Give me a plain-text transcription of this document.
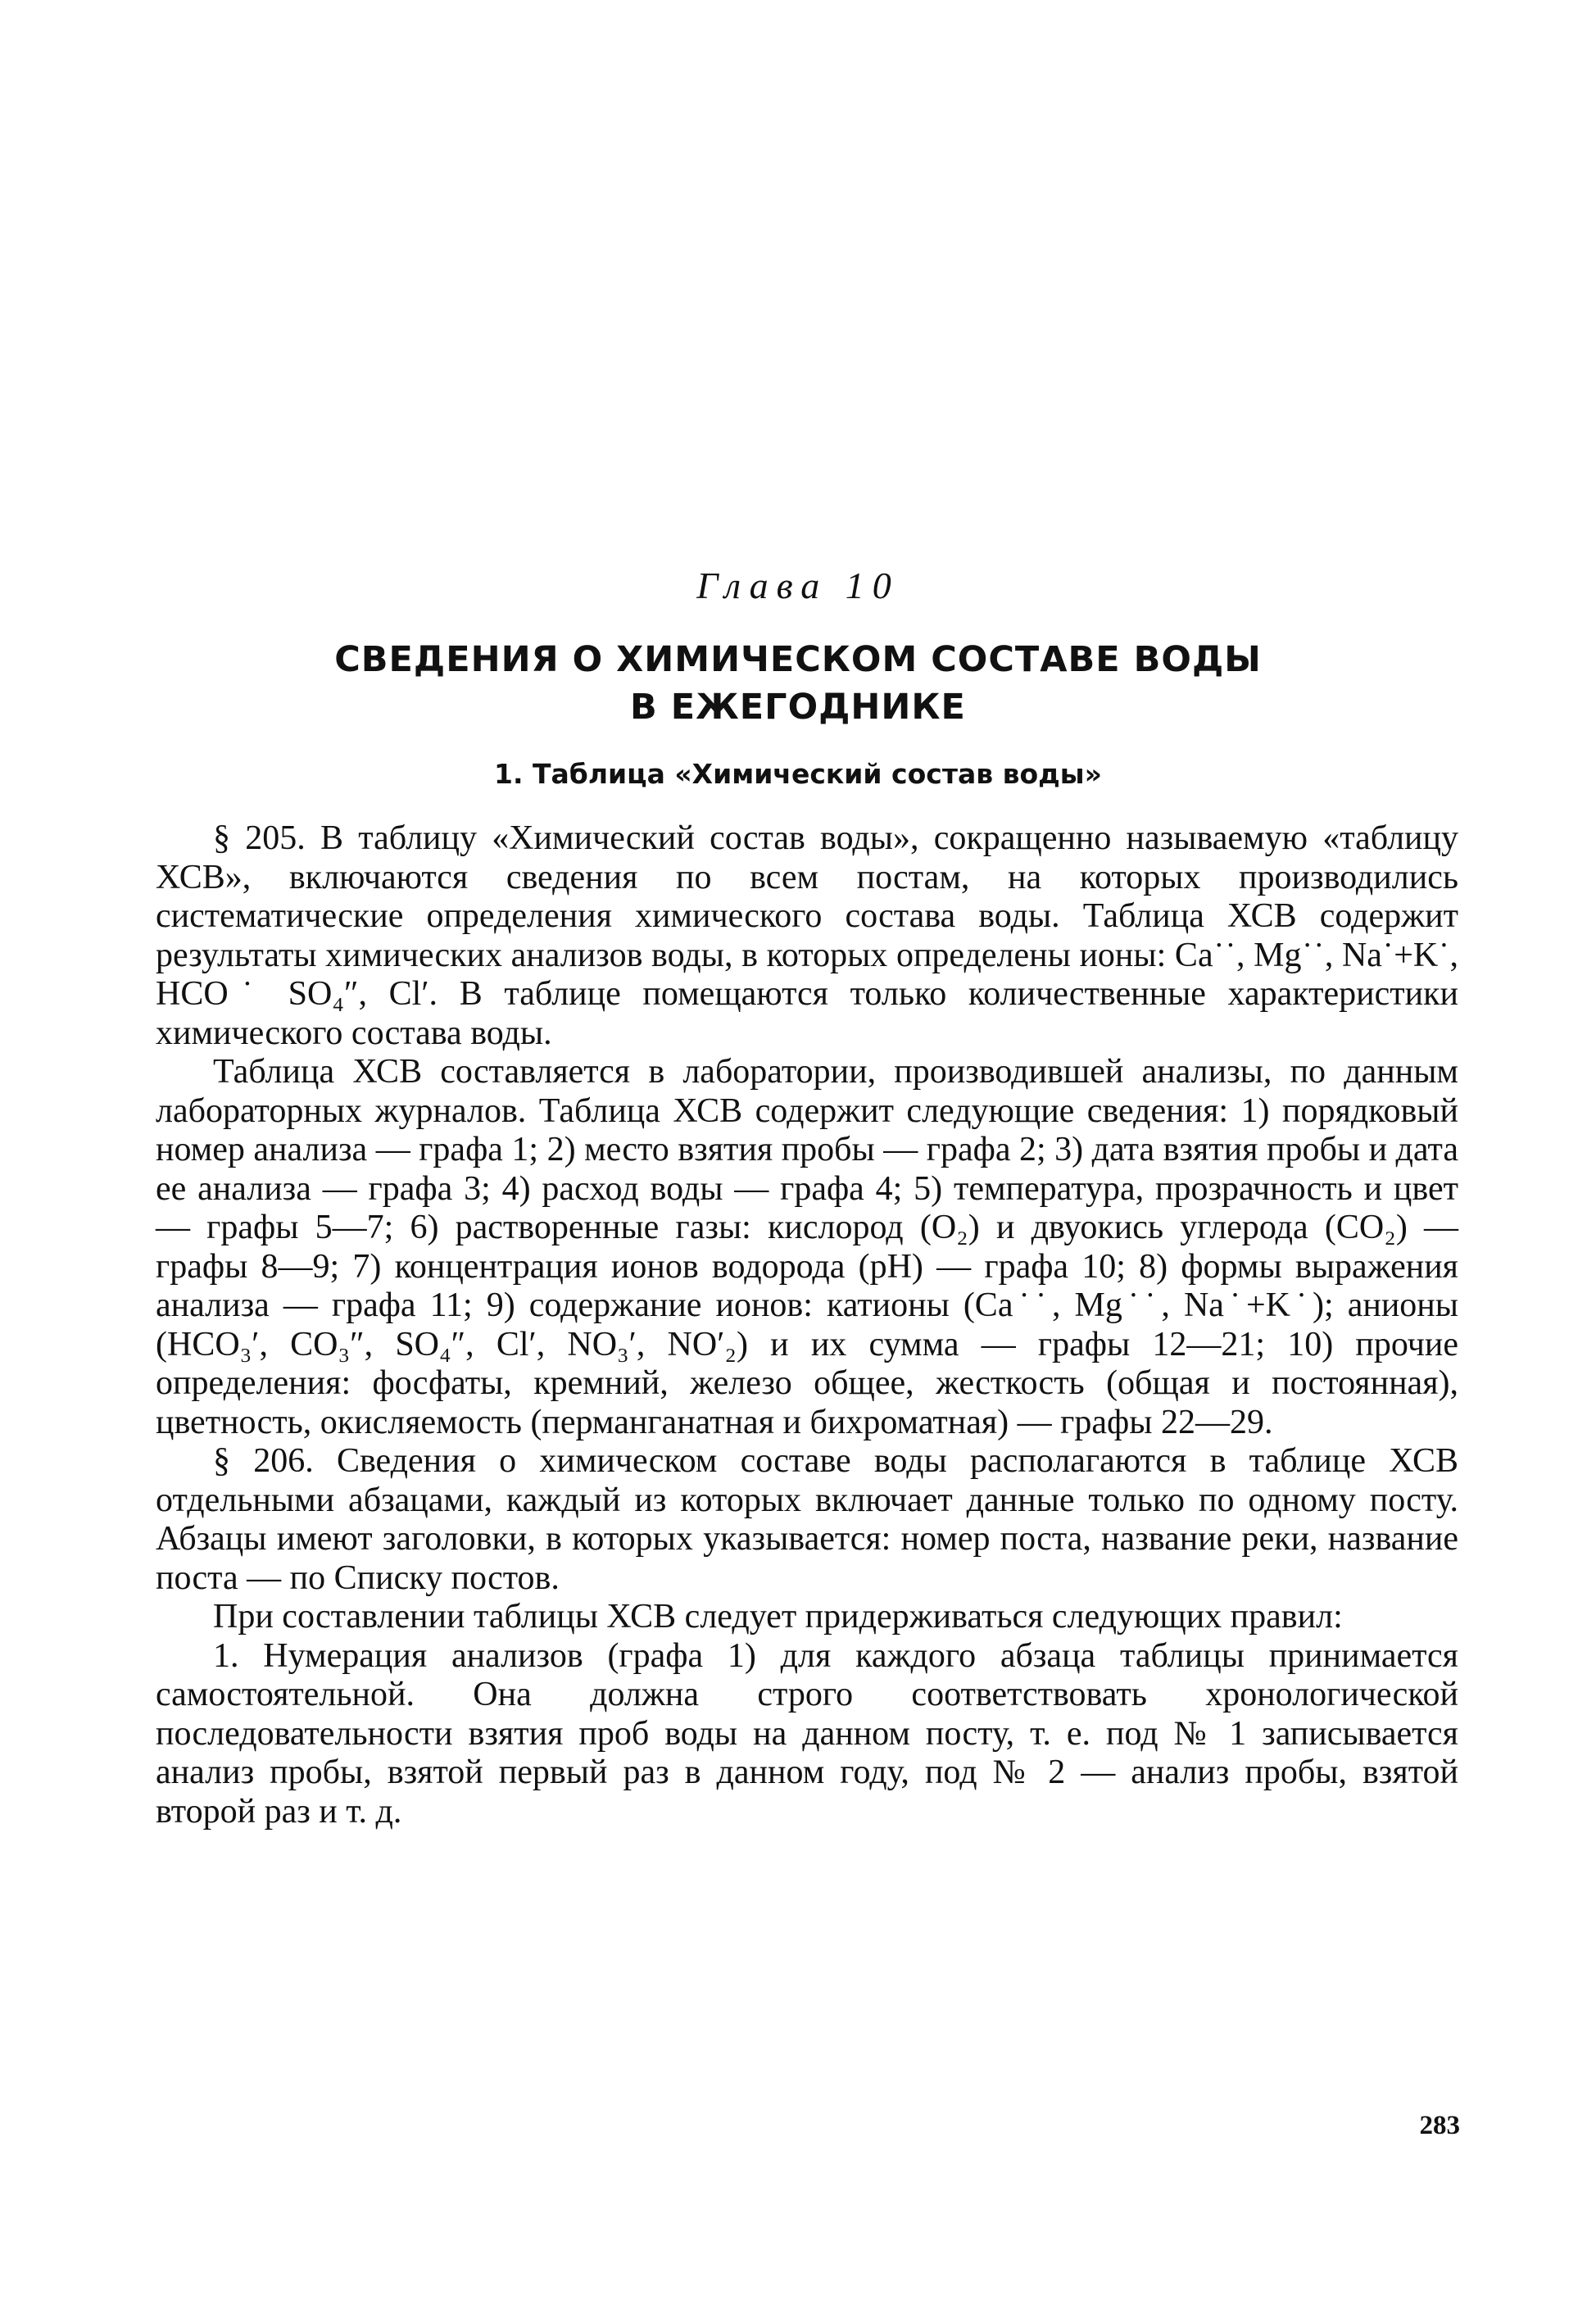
Глава 10
СВЕДЕНИЯ О ХИМИЧЕСКОМ СОСТАВЕ ВОДЫ
В ЕЖЕГОДНИКЕ
1. Таблица «Химический состав воды»

§ 205. В таблицу «Химический состав воды», сокращенно называемую «таблицу ХСВ», включаются сведения по всем постам, на которых производились систематические определения химического состава воды. Таблица ХСВ содержит результаты химических анализов воды, в которых определены ионы: Ca˙˙, Mg˙˙, Na˙+K˙, HCO˙ SO₄″, Cl′. В таблице помещаются только количественные характеристики химического состава воды.

Таблица ХСВ составляется в лаборатории, производившей анализы, по данным лабораторных журналов. Таблица ХСВ содержит следующие сведения: 1) порядковый номер анализа — графа 1; 2) место взятия пробы — графа 2; 3) дата взятия пробы и дата ее анализа — графа 3; 4) расход воды — графа 4; 5) температура, прозрачность и цвет — графы 5—7; 6) растворенные газы: кислород (O₂) и двуокись углерода (CO₂) — графы 8—9; 7) концентрация ионов водорода (pH) — графа 10; 8) формы выражения анализа — графа 11; 9) содержание ионов: катионы (Ca˙˙, Mg˙˙, Na˙+K˙); анионы (HCO₃′, CO₃″, SO₄″, Cl′, NO₃′, NO′₂) и их сумма — графы 12—21; 10) прочие определения: фосфаты, кремний, железо общее, жесткость (общая и постоянная), цветность, окисляемость (перманганатная и бихроматная) — графы 22—29.

§ 206. Сведения о химическом составе воды располагаются в таблице ХСВ отдельными абзацами, каждый из которых включает данные только по одному посту. Абзацы имеют заголовки, в которых указывается: номер поста, название реки, название поста — по Списку постов.

При составлении таблицы ХСВ следует придерживаться следующих правил:

1. Нумерация анализов (графа 1) для каждого абзаца таблицы принимается самостоятельной. Она должна строго соответствовать хронологической последовательности взятия проб воды на данном посту, т. е. под № 1 записывается анализ пробы, взятой первый раз в данном году, под № 2 — анализ пробы, взятой второй раз и т. д.

283
